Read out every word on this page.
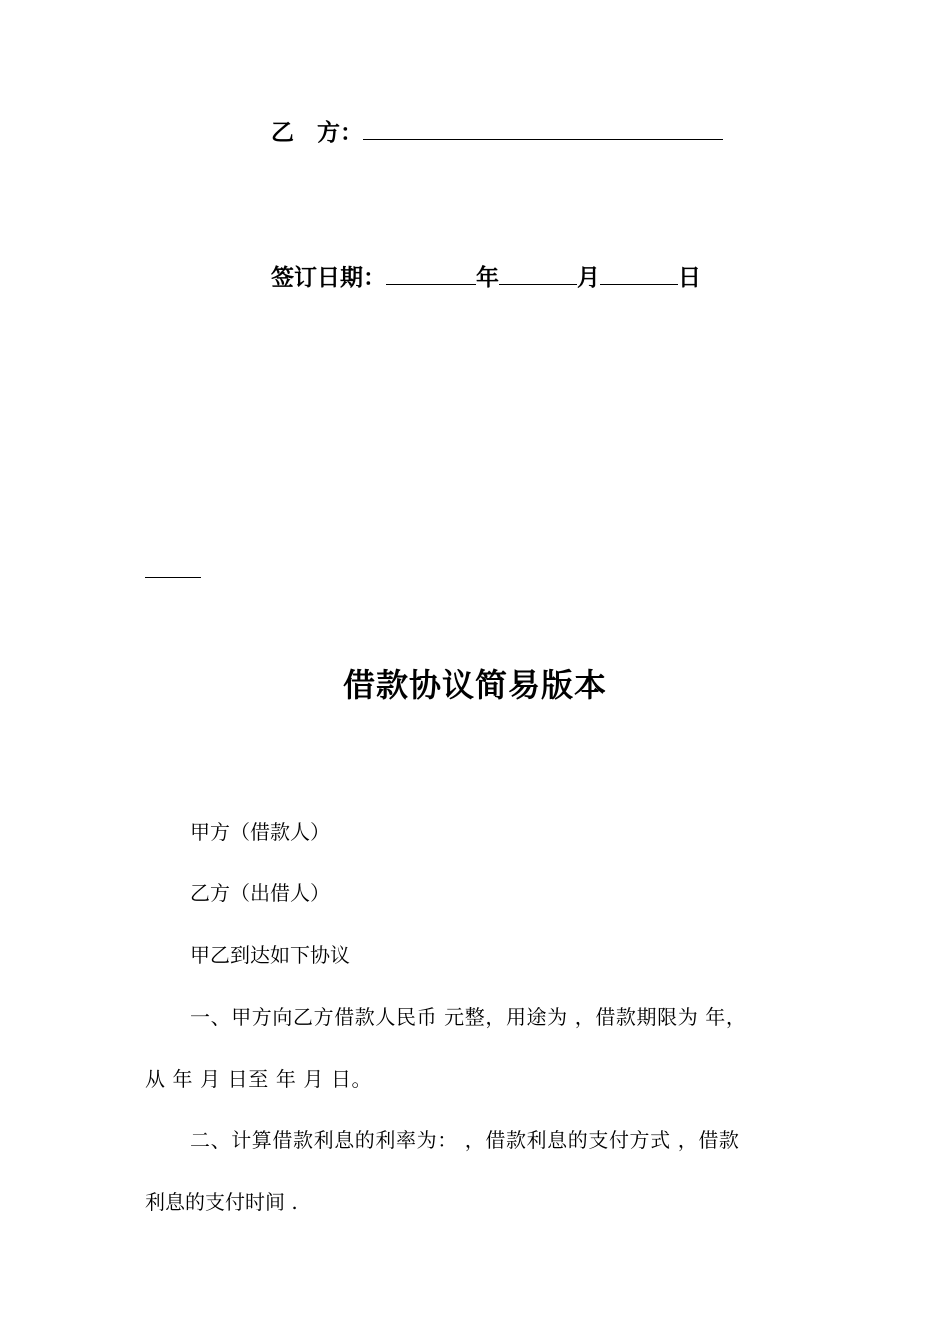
乙　方：
签订日期：	年	月	日
借款协议简易版本

甲方（借款人）

乙方（出借人）

甲乙到达如下协议

一、甲方向乙方借款人民币 元整，用途为 ，借款期限为 年，

从 年 月 日至 年 月 日。

二、计算借款利息的利率为： ，借款利息的支付方式 ，借款

利息的支付时间 .
